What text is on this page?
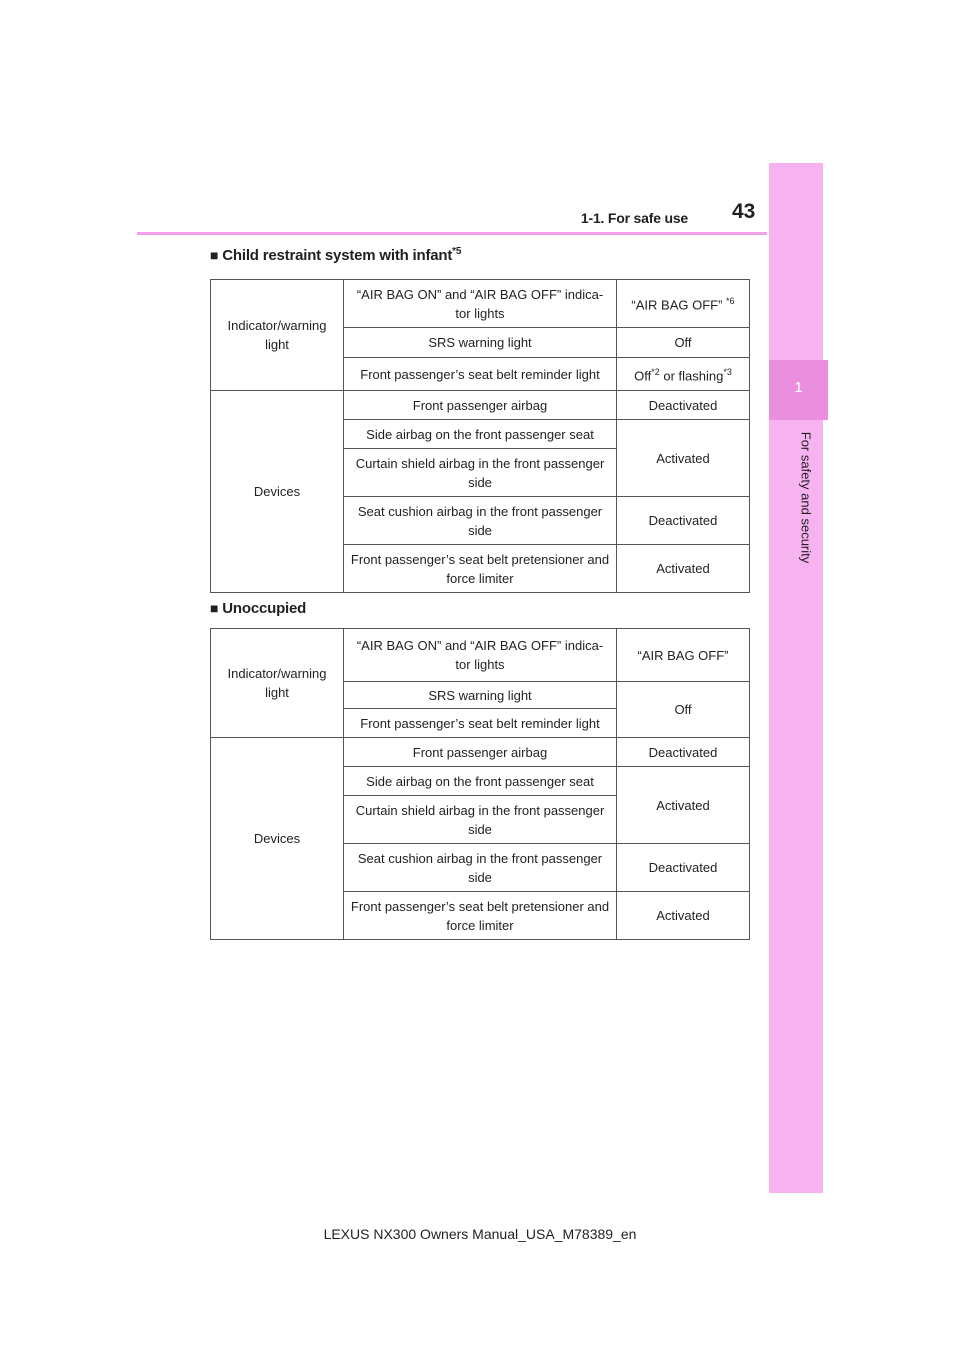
1-1. For safe use 43
1
For safety and security
■ Child restraint system with infant$^{*5}$
Indicator/warning light	“AIR BAG ON” and “AIR BAG OFF” indica- tor lights	“AIR BAG OFF” $^{*6}$
	SRS warning light	Off
	Front passenger’s seat belt reminder light	Off$^{*2}$ or flashing$^{*3}$
Devices	Front passenger airbag	Deactivated
	Side airbag on the front passenger seat	Activated
	Curtain shield airbag in the front passenger side	
	Seat cushion airbag in the front passenger side	Deactivated
	Front passenger’s seat belt pretensioner and force limiter	Activated
■ Unoccupied
Indicator/warning light	“AIR BAG ON” and “AIR BAG OFF” indica- tor lights	“AIR BAG OFF”
	SRS warning light	Off
	Front passenger’s seat belt reminder light	
Devices	Front passenger airbag	Deactivated
	Side airbag on the front passenger seat	Activated
	Curtain shield airbag in the front passenger side	
	Seat cushion airbag in the front passenger side	Deactivated
	Front passenger’s seat belt pretensioner and force limiter	Activated
LEXUS NX300 Owners Manual_USA_M78389_en
